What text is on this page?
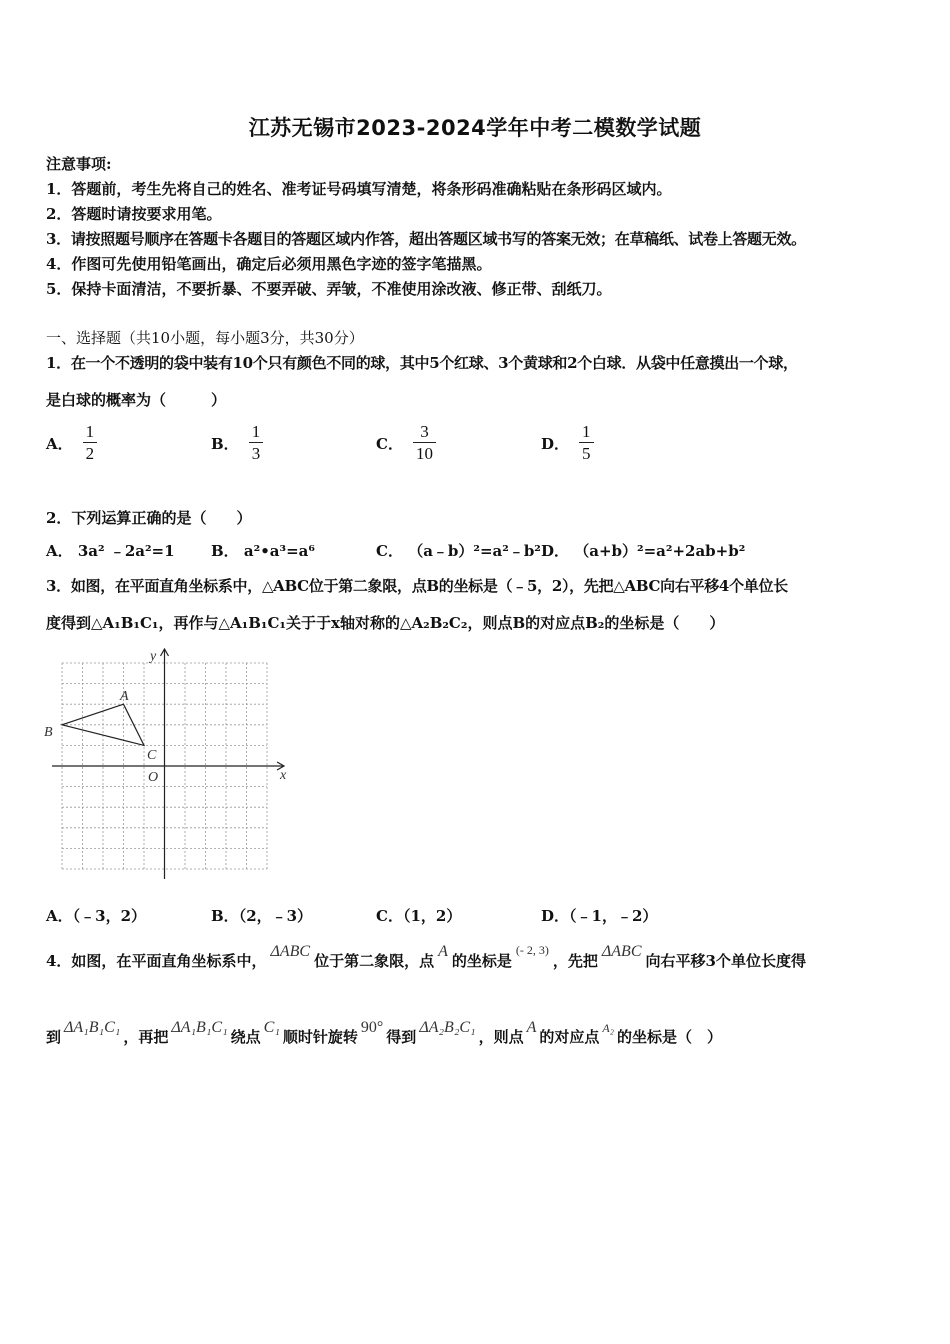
江苏无锡市2023-2024学年中考二模数学试题
注意事项:
1．答题前，考生先将自己的姓名、准考证号码填写清楚，将条形码准确粘贴在条形码区域内。
2．答题时请按要求用笔。
3．请按照题号顺序在答题卡各题目的答题区域内作答，超出答题区域书写的答案无效；在草稿纸、试卷上答题无效。
4．作图可先使用铅笔画出，确定后必须用黑色字迹的签字笔描黑。
5．保持卡面清洁，不要折暴、不要弄破、弄皱，不准使用涂改液、修正带、刮纸刀。
一、选择题（共10小题，每小题3分，共30分）
1．在一个不透明的袋中装有10个只有颜色不同的球，其中5个红球、3个黄球和2个白球．从袋中任意摸出一个球，
是白球的概率为（　　　）
A． $\frac{1}{2}$	B． $\frac{1}{3}$	C． $\frac{3}{10}$	D． $\frac{1}{5}$
2．下列运算正确的是（　　）
A． 3a² ﹣2a²=1 B． a²•a³=a⁶	C． （a﹣b）²=a²﹣b² D． （a+b）²=a²+2ab+b²
3．如图，在平面直角坐标系中，△ABC位于第二象限，点B的坐标是（﹣5，2），先把△ABC向右平移4个单位长
度得到△A₁B₁C₁，再作与△A₁B₁C₁关于于x轴对称的△A₂B₂C₂，则点B的对应点B₂的坐标是（　　）
x
y
O
A
B
C
A．（﹣3，2）	B．（2，﹣3）	C．（1，2）	D．（﹣1，﹣2）
4．如图，在平面直角坐标系中，ΔABC位于第二象限，点A的坐标是$^{(- 2, 3)}$，先把ΔABC向右平移3个单位长度得
到ΔA₁B₁C₁，再把ΔA₁B₁C₁绕点C₁顺时针旋转90°得到ΔA₂B₂C₁，则点A的对应点 $^{A_2}$ 的坐标是（　）
